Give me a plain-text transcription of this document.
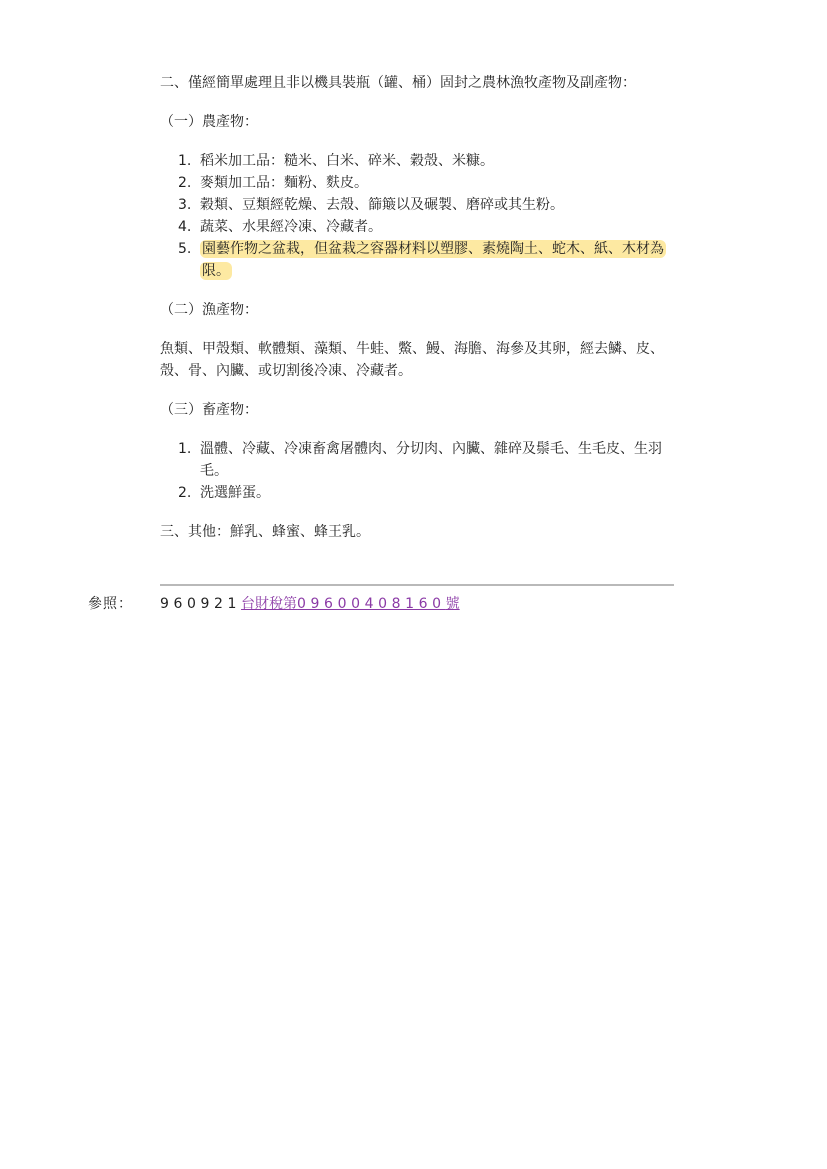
二、僅經簡單處理且非以機具裝瓶（罐、桶）固封之農林漁牧產物及副產物：

（一）農產物：

1. 稻米加工品：糙米、白米、碎米、穀殼、米糠。
2. 麥類加工品：麵粉、麩皮。
3. 穀類、豆類經乾燥、去殼、篩簸以及碾製、磨碎或其生粉。
4. 蔬菜、水果經冷凍、冷藏者。
5. 園藝作物之盆栽，但盆栽之容器材料以塑膠、素燒陶土、蛇木、紙、木材為限。

（二）漁產物：

魚類、甲殼類、軟體類、藻類、牛蛙、鱉、鰻、海膽、海參及其卵，經去鱗、皮、殼、骨、內臟、或切割後冷凍、冷藏者。

（三）畜產物：

1. 溫體、冷藏、冷凍畜禽屠體肉、分切肉、內臟、雜碎及鬃毛、生毛皮、生羽毛。
2. 洗選鮮蛋。

三、其他：鮮乳、蜂蜜、蜂王乳。

參照：	960921 台財稅第09600408160號
